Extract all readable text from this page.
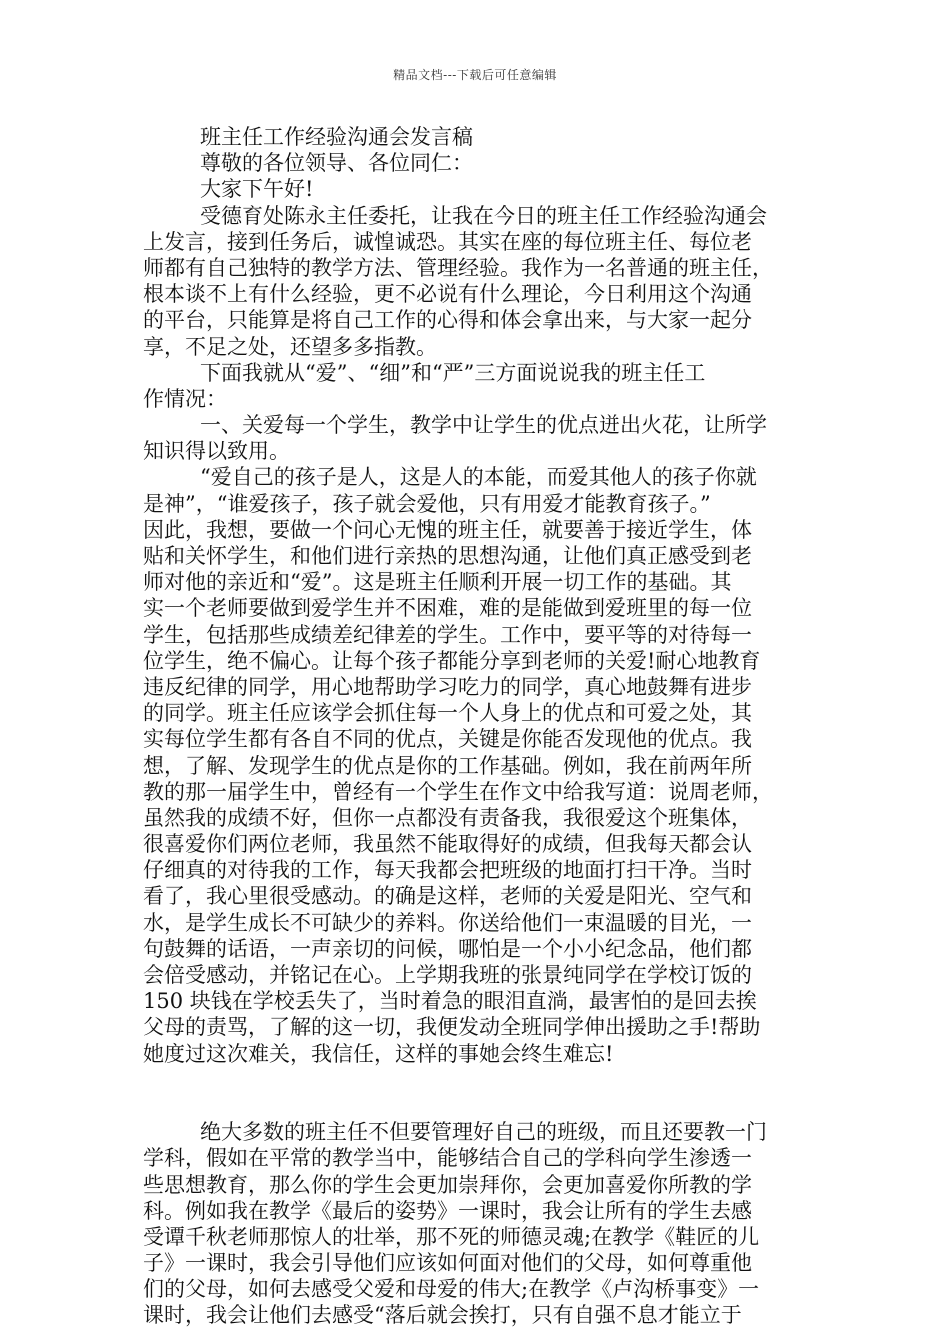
精品文档---下载后可任意编辑
班主任工作经验沟通会发言稿
尊敬的各位领导、各位同仁：
大家下午好!
受德育处陈永主任委托，让我在今日的班主任工作经验沟通会
上发言，接到任务后，诚惶诚恐。其实在座的每位班主任、每位老
师都有自己独特的教学方法、管理经验。我作为一名普通的班主任，
根本谈不上有什么经验，更不必说有什么理论，今日利用这个沟通
的平台，只能算是将自己工作的心得和体会拿出来，与大家一起分
享，不足之处，还望多多指教。
下面我就从“爱”、“细”和“严”三方面说说我的班主任工
作情况：
一、关爱每一个学生，教学中让学生的优点迸出火花，让所学
知识得以致用。
“爱自己的孩子是人，这是人的本能，而爱其他人的孩子你就
是神”，“谁爱孩子，孩子就会爱他，只有用爱才能教育孩子。”
因此，我想，要做一个问心无愧的班主任，就要善于接近学生，体
贴和关怀学生，和他们进行亲热的思想沟通，让他们真正感受到老
师对他的亲近和“爱”。这是班主任顺利开展一切工作的基础。其
实一个老师要做到爱学生并不困难，难的是能做到爱班里的每一位
学生，包括那些成绩差纪律差的学生。工作中，要平等的对待每一
位学生，绝不偏心。让每个孩子都能分享到老师的关爱!耐心地教育
违反纪律的同学，用心地帮助学习吃力的同学，真心地鼓舞有进步
的同学。班主任应该学会抓住每一个人身上的优点和可爱之处，其
实每位学生都有各自不同的优点，关键是你能否发现他的优点。我
想，了解、发现学生的优点是你的工作基础。例如，我在前两年所
教的那一届学生中，曾经有一个学生在作文中给我写道：说周老师，
虽然我的成绩不好，但你一点都没有责备我，我很爱这个班集体，
很喜爱你们两位老师，我虽然不能取得好的成绩，但我每天都会认
仔细真的对待我的工作，每天我都会把班级的地面打扫干净。当时
看了，我心里很受感动。的确是这样，老师的关爱是阳光、空气和
水，是学生成长不可缺少的养料。你送给他们一束温暖的目光，一
句鼓舞的话语，一声亲切的问候，哪怕是一个小小纪念品，他们都
会倍受感动，并铭记在心。上学期我班的张景纯同学在学校订饭的
150 块钱在学校丢失了，当时着急的眼泪直淌，最害怕的是回去挨
父母的责骂，了解的这一切，我便发动全班同学伸出援助之手!帮助
她度过这次难关，我信任，这样的事她会终生难忘!
绝大多数的班主任不但要管理好自己的班级，而且还要教一门
学科，假如在平常的教学当中，能够结合自己的学科向学生渗透一
些思想教育，那么你的学生会更加崇拜你，会更加喜爱你所教的学
科。例如我在教学《最后的姿势》一课时，我会让所有的学生去感
受谭千秋老师那惊人的壮举，那不死的师德灵魂;在教学《鞋匠的儿
子》一课时，我会引导他们应该如何面对他们的父母，如何尊重他
们的父母，如何去感受父爱和母爱的伟大;在教学《卢沟桥事变》一
课时，我会让他们去感受“落后就会挨打，只有自强不息才能立于
